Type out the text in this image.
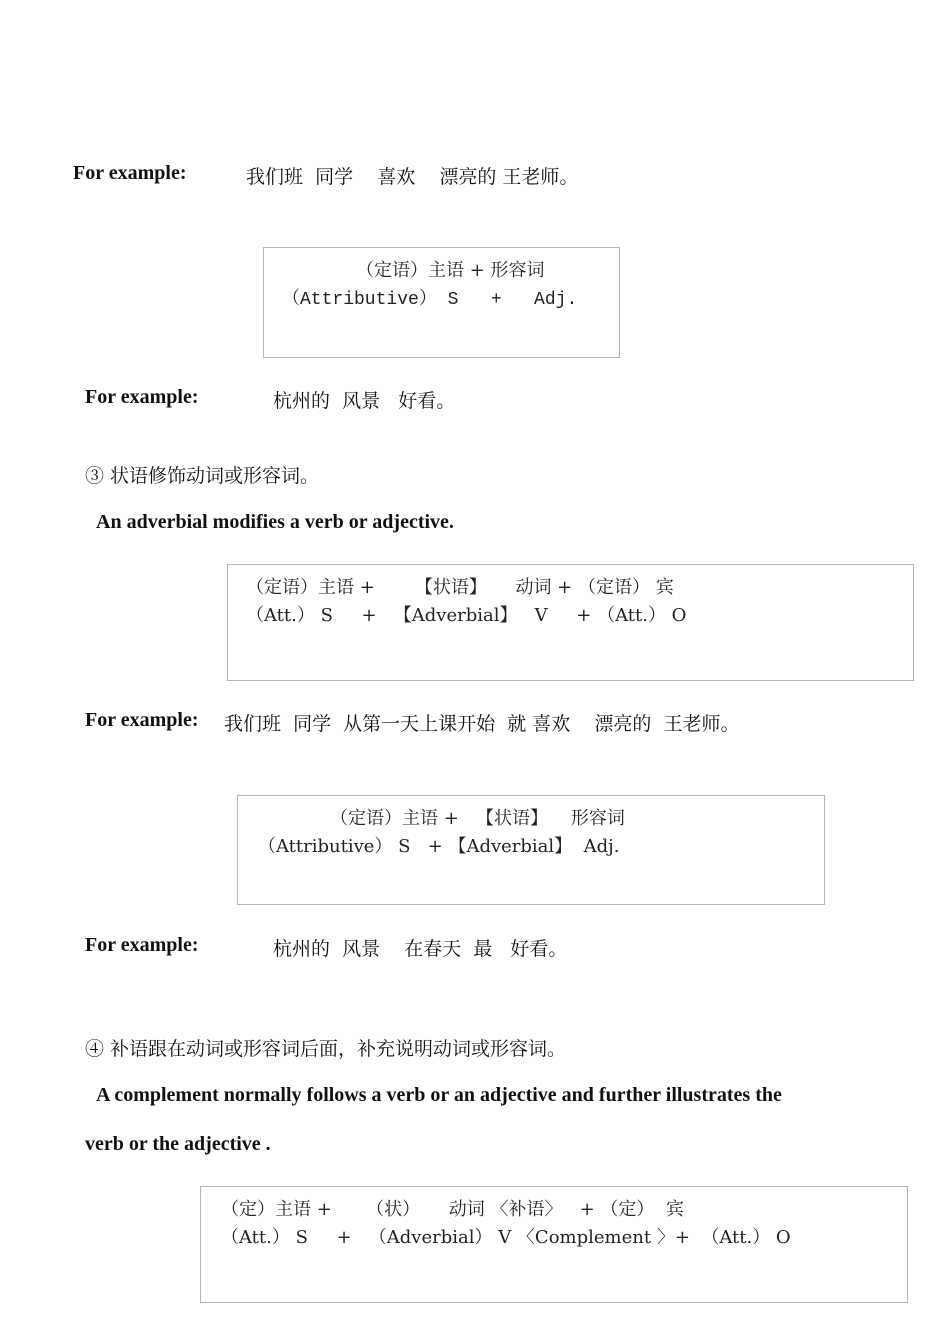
For example:	我们班  同学    喜欢    漂亮的 王老师。
（定语）主语 + 形容词
（Attributive） S   +   Adj.
For example:	杭州的  风景   好看。
③ 状语修饰动词或形容词。
An adverbial modifies a verb or adjective.
（定语）主语 +       【状语】     动词 + （定语） 宾
（Att.） S     +   【Adverbial】   V     + （Att.） O
For example: 我们班  同学  从第一天上课开始  就 喜欢    漂亮的  王老师。
（定语）主语 +   【状语】    形容词
（Attributive） S   + 【Adverbial】  Adj.
For example:	杭州的  风景    在春天  最   好看。
④ 补语跟在动词或形容词后面，补充说明动词或形容词。
A complement normally follows a verb or an adjective and further illustrates the
verb or the adjective .
（定）主语 +      （状）     动词 〈补语〉   + （定）  宾
（Att.） S     +   （Adverbial） V 〈Complement 〉+  （Att.） O
